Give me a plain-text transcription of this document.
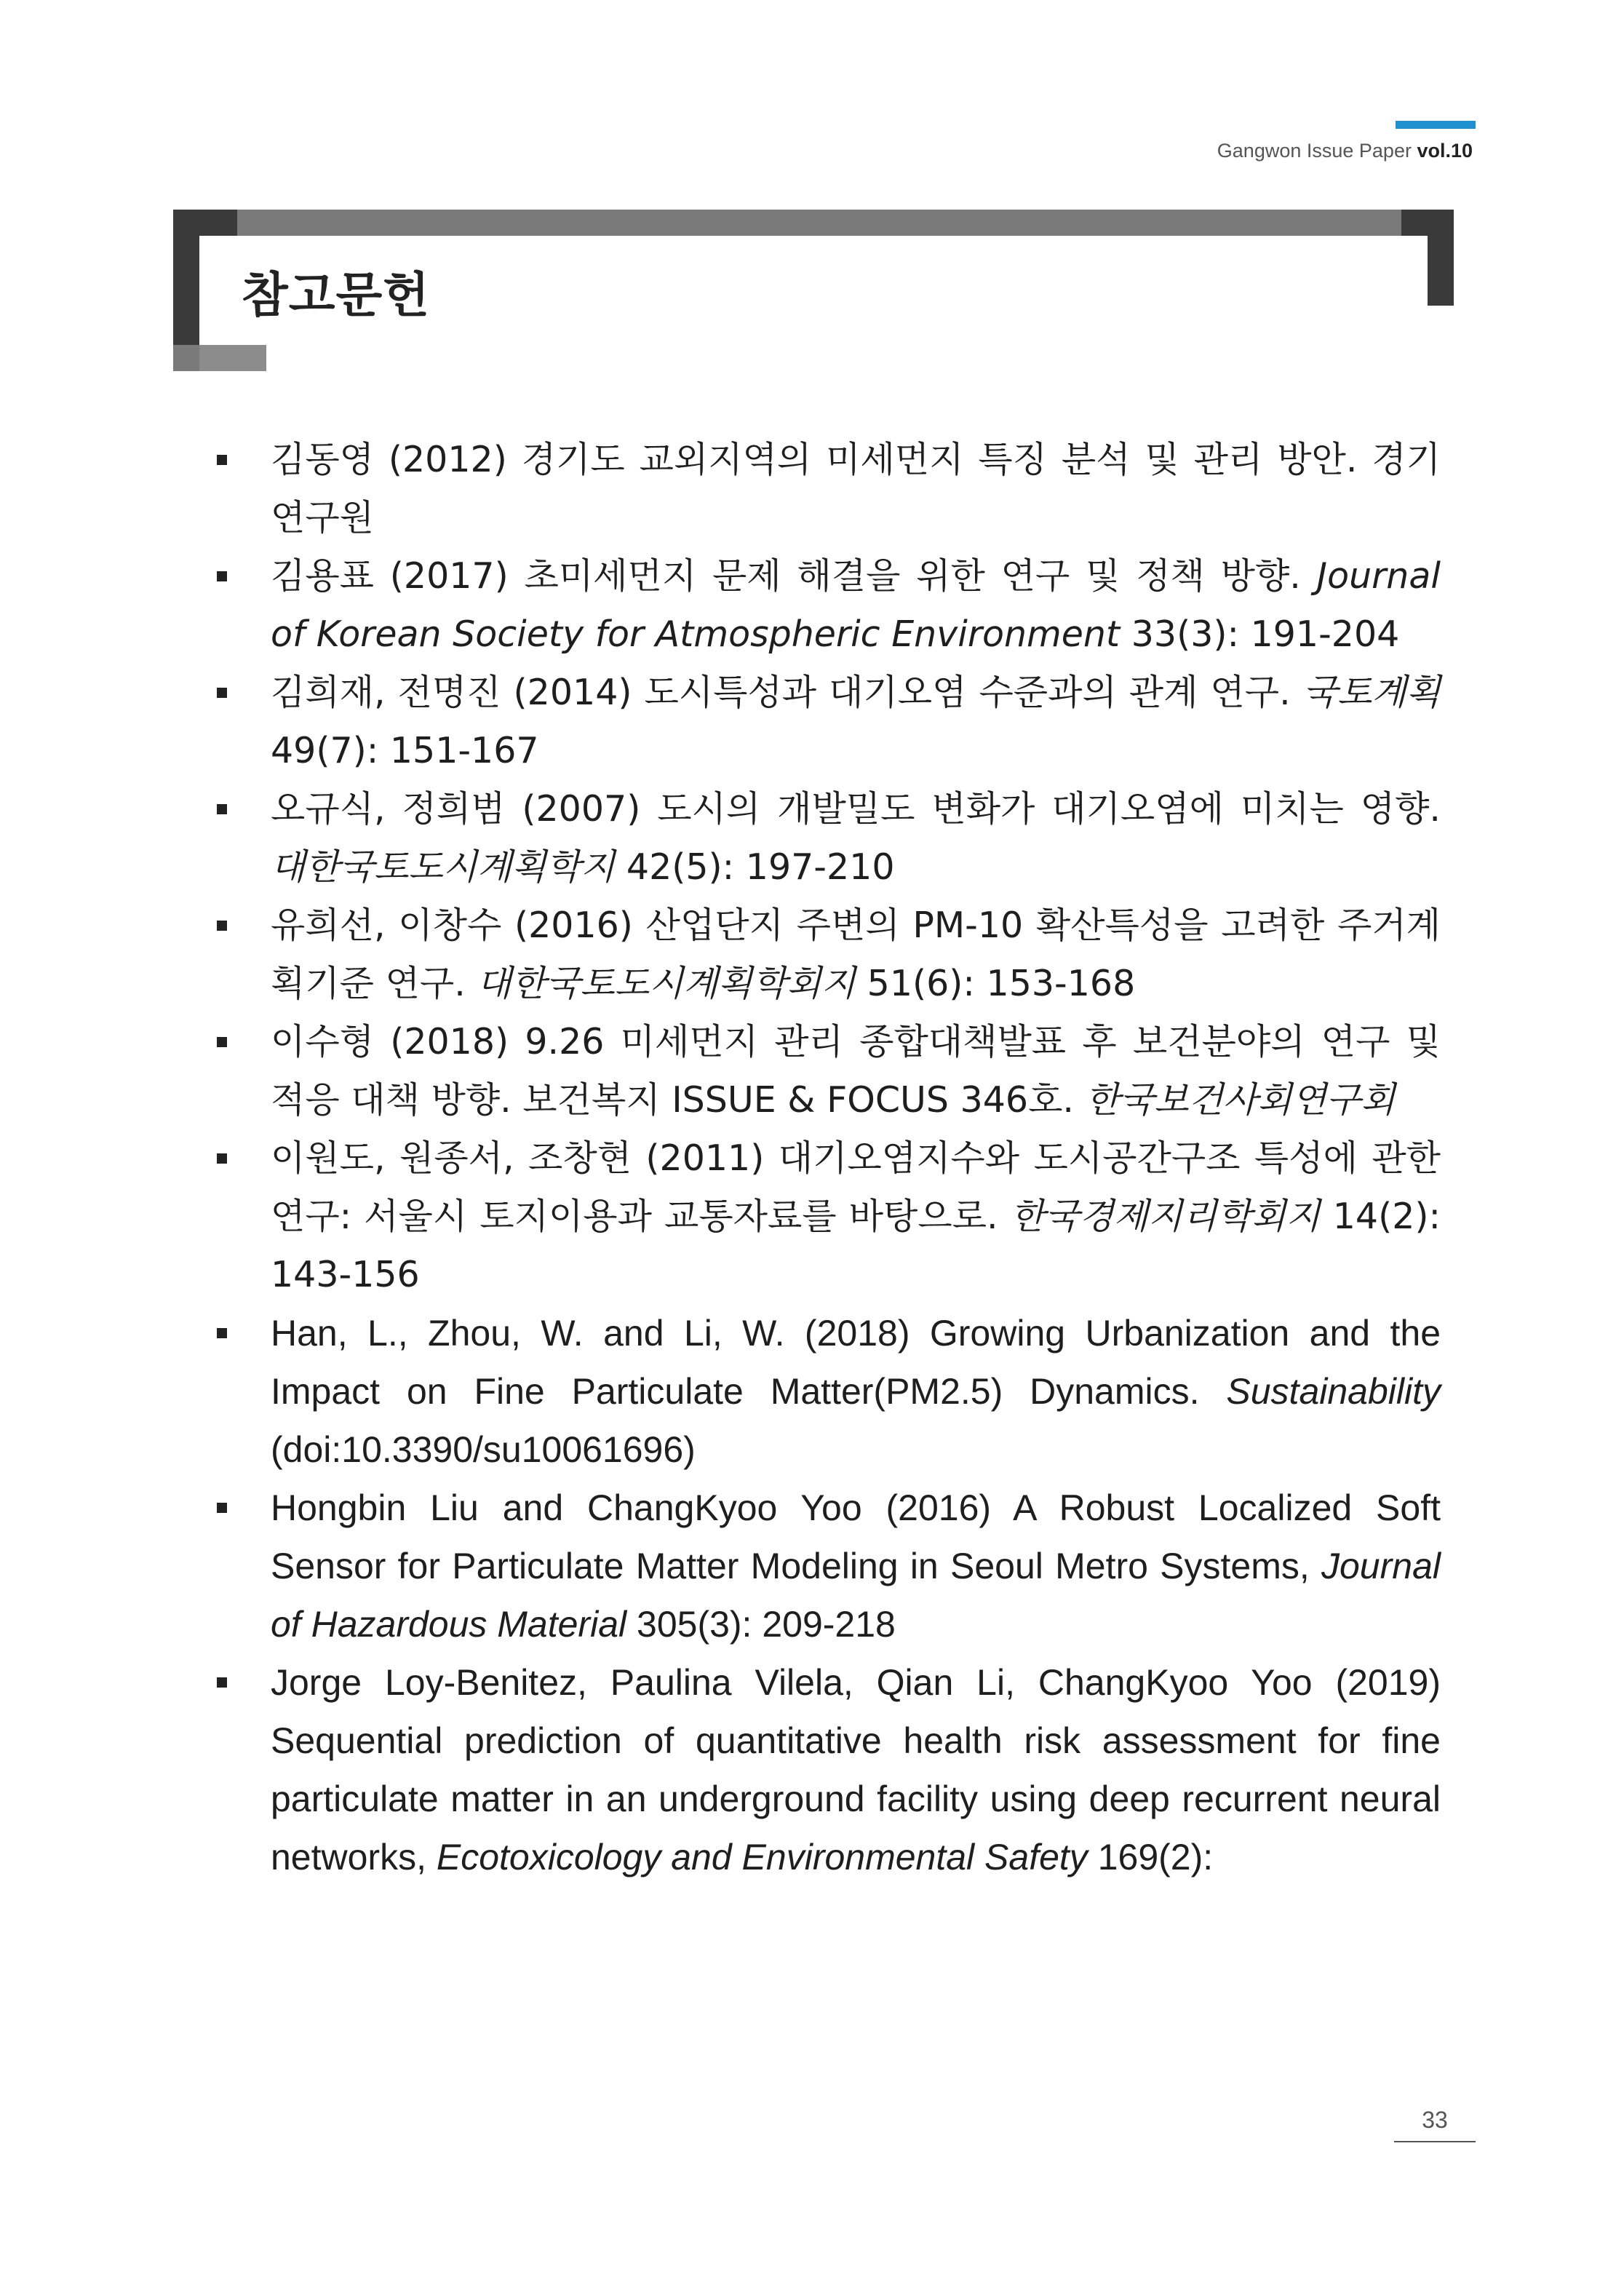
Gangwon Issue Paper vol.10
참고문헌
김동영 (2012) 경기도 교외지역의 미세먼지 특징 분석 및 관리 방안. 경기연구원
김용표 (2017) 초미세먼지 문제 해결을 위한 연구 및 정책 방향. Journal of Korean Society for Atmospheric Environment 33(3): 191-204
김희재, 전명진 (2014) 도시특성과 대기오염 수준과의 관계 연구. 국토계획 49(7): 151-167
오규식, 정희범 (2007) 도시의 개발밀도 변화가 대기오염에 미치는 영향. 대한국토도시계획학지 42(5): 197-210
유희선, 이창수 (2016) 산업단지 주변의 PM-10 확산특성을 고려한 주거계획기준 연구. 대한국토도시계획학회지 51(6): 153-168
이수형 (2018) 9.26 미세먼지 관리 종합대책발표 후 보건분야의 연구 및 적응 대책 방향. 보건복지 ISSUE & FOCUS 346호. 한국보건사회연구회
이원도, 원종서, 조창현 (2011) 대기오염지수와 도시공간구조 특성에 관한 연구: 서울시 토지이용과 교통자료를 바탕으로. 한국경제지리학회지 14(2): 143-156
Han, L., Zhou, W. and Li, W. (2018) Growing Urbanization and the Impact on Fine Particulate Matter(PM2.5) Dynamics. Sustainability (doi:10.3390/su10061696)
Hongbin Liu and ChangKyoo Yoo (2016) A Robust Localized Soft Sensor for Particulate Matter Modeling in Seoul Metro Systems, Journal of Hazardous Material 305(3): 209-218
Jorge Loy-Benitez, Paulina Vilela, Qian Li, ChangKyoo Yoo (2019) Sequential prediction of quantitative health risk assessment for fine particulate matter in an underground facility using deep recurrent neural networks, Ecotoxicology and Environmental Safety 169(2):
33
